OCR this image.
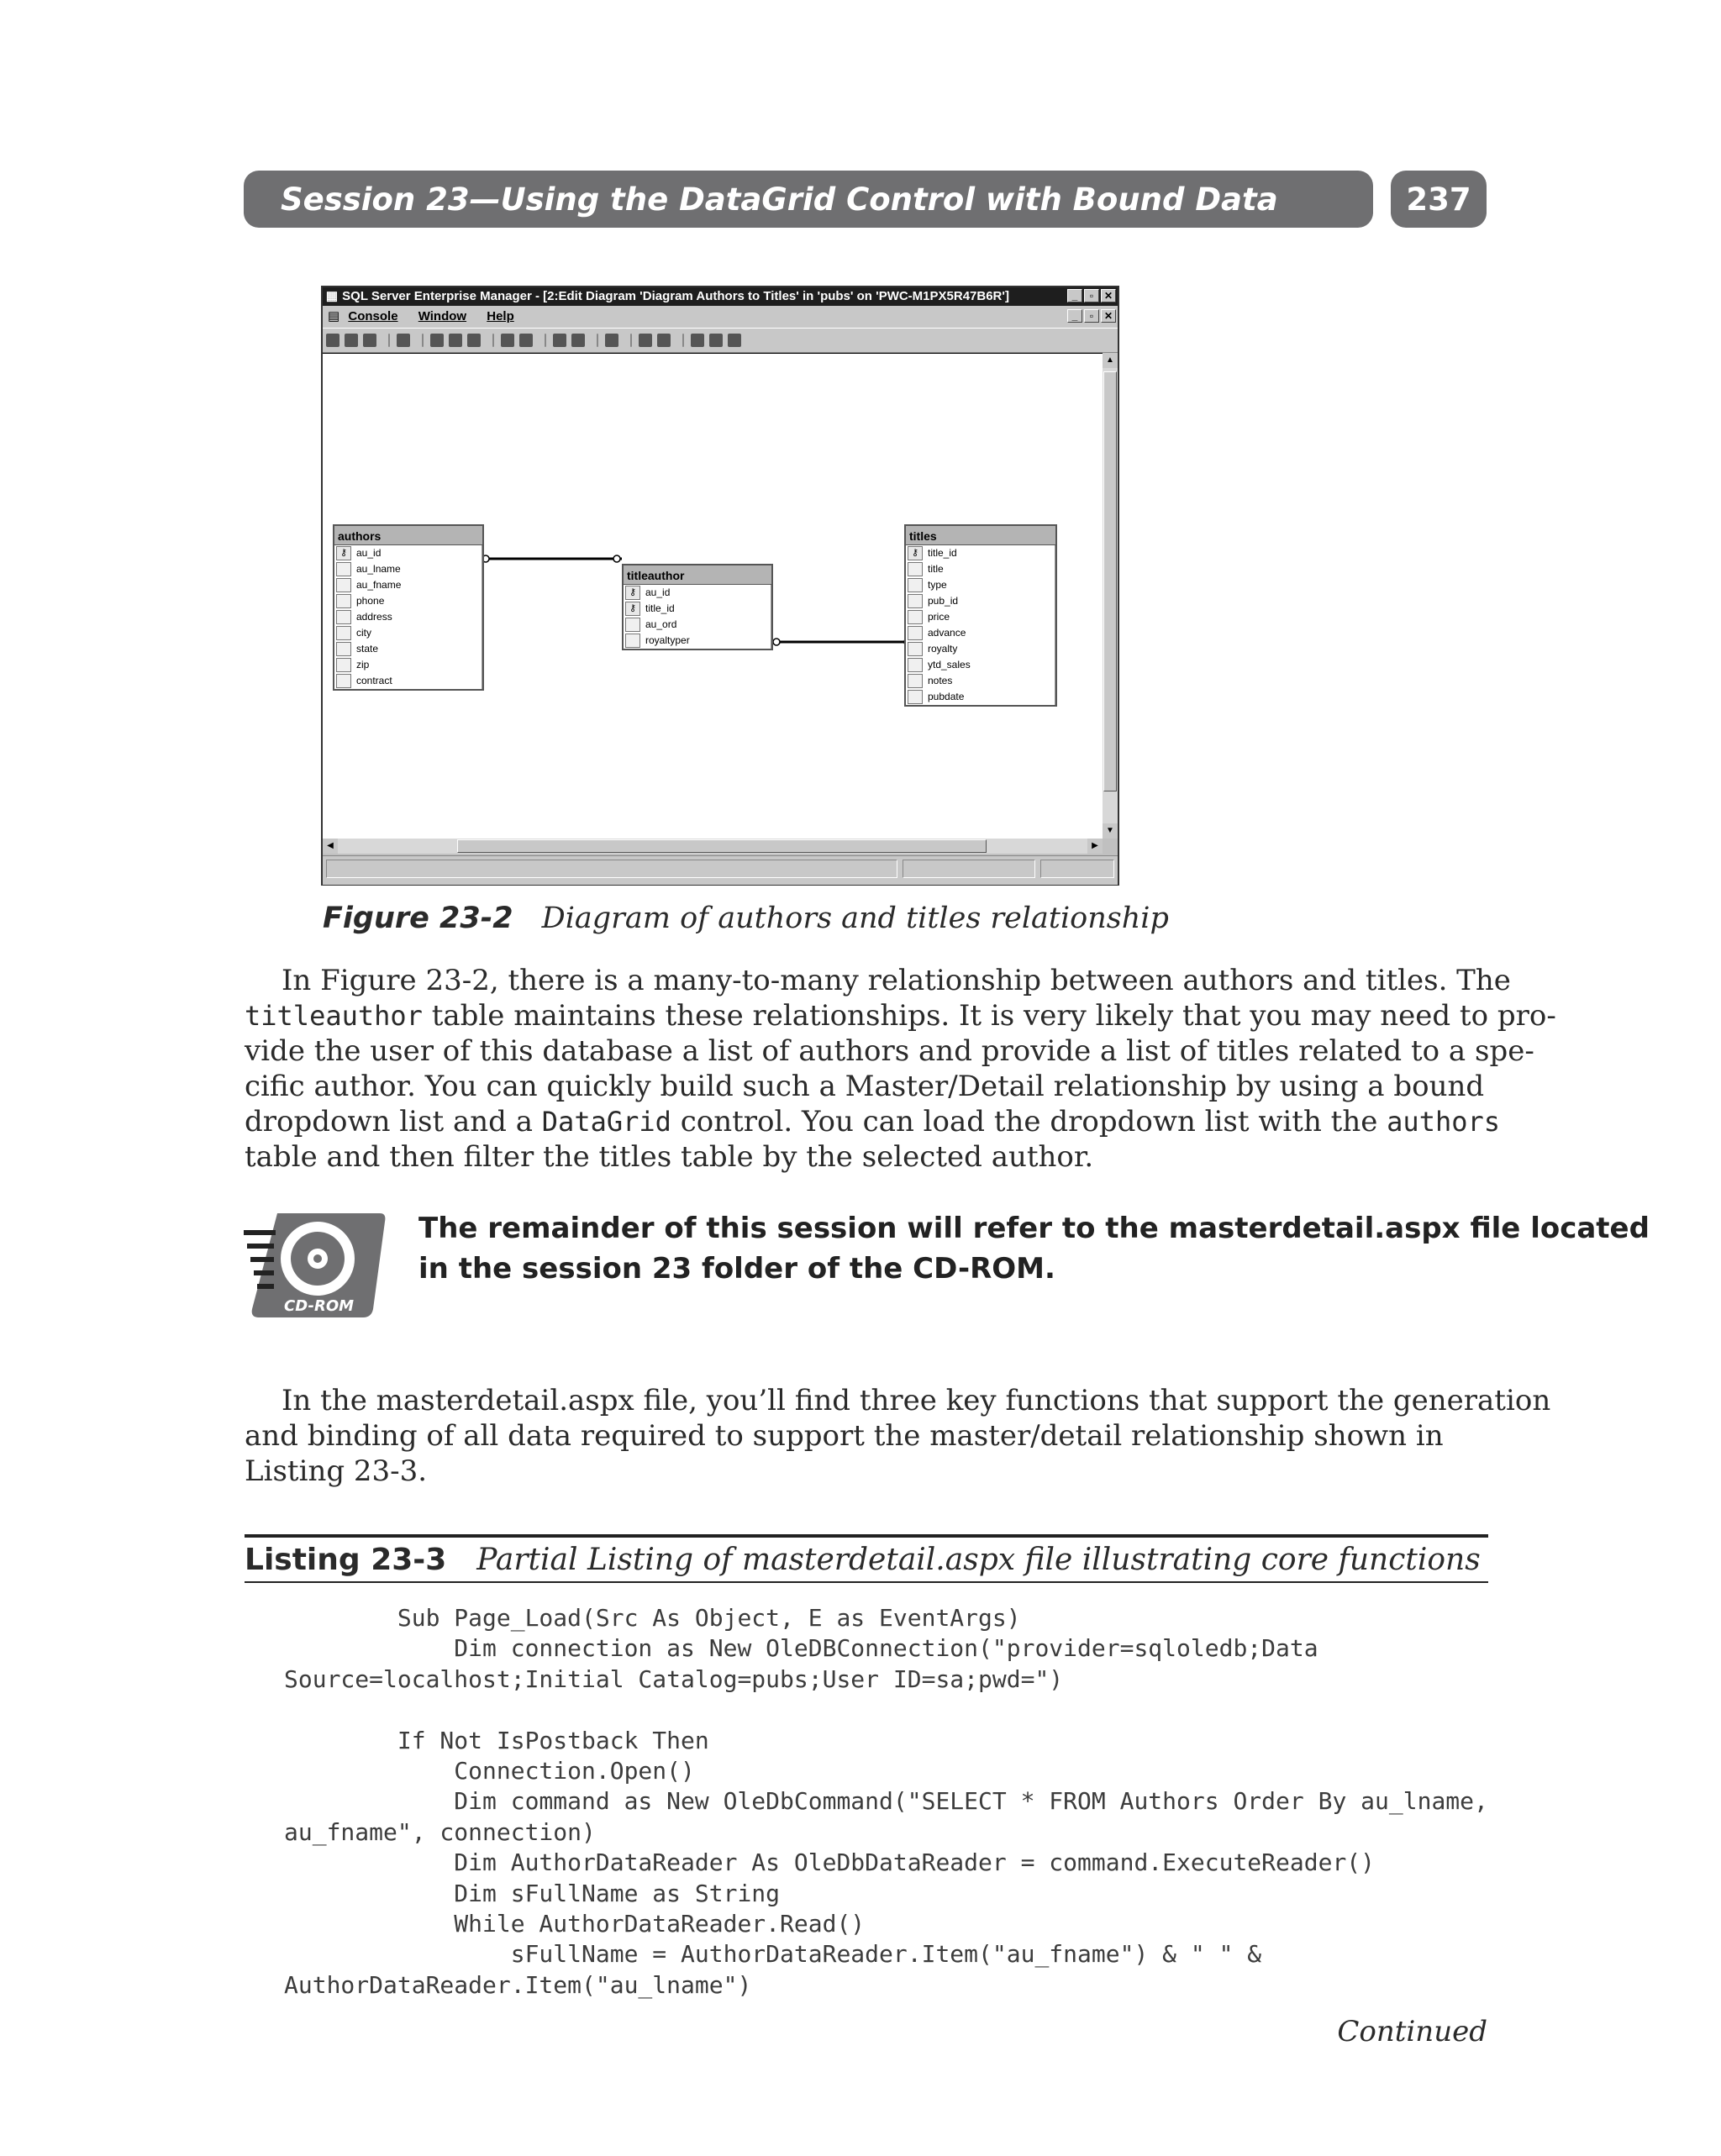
Session 23—Using the DataGrid Control with Bound Data	237
▦ SQL Server Enterprise Manager - [2:Edit Diagram 'Diagram Authors to Titles' in 'pubs' on 'PWC-M1PX5R47B6R']	_	▫	✕
▤ Console Window Help	_	▫	✕
authors
⚷ au_id
au_lname
au_fname
phone
address
city
state
zip
contract
titleauthor
⚷ au_id
⚷ title_id
au_ord
royaltyper
titles
⚷ title_id
title
type
pub_id
price
advance
royalty
ytd_sales
notes
pubdate
▲
▼
◀	▶
Figure 23-2 Diagram of authors and titles relationship
In Figure 23-2, there is a many-to-many relationship between authors and titles. The
titleauthor table maintains these relationships. It is very likely that you may need to pro-
vide the user of this database a list of authors and provide a list of titles related to a spe-
cific author. You can quickly build such a Master/Detail relationship by using a bound
dropdown list and a DataGrid control. You can load the dropdown list with the authors
table and then filter the titles table by the selected author.
CD-ROM
The remainder of this session will refer to the masterdetail.aspx file located
in the session 23 folder of the CD-ROM.
In the masterdetail.aspx file, you’ll find three key functions that support the generation
and binding of all data required to support the master/detail relationship shown in
Listing 23-3.
Listing 23-3 Partial Listing of masterdetail.aspx file illustrating core functions
Sub Page_Load(Src As Object, E as EventArgs)
Dim connection as New OleDBConnection("provider=sqloledb;Data
Source=localhost;Initial Catalog=pubs;User ID=sa;pwd=")

If Not IsPostback Then
Connection.Open()
Dim command as New OleDbCommand("SELECT * FROM Authors Order By au_lname,
au_fname", connection)
Dim AuthorDataReader As OleDbDataReader = command.ExecuteReader()
Dim sFullName as String
While AuthorDataReader.Read()
sFullName = AuthorDataReader.Item("au_fname") & " " &
AuthorDataReader.Item("au_lname")
Continued
